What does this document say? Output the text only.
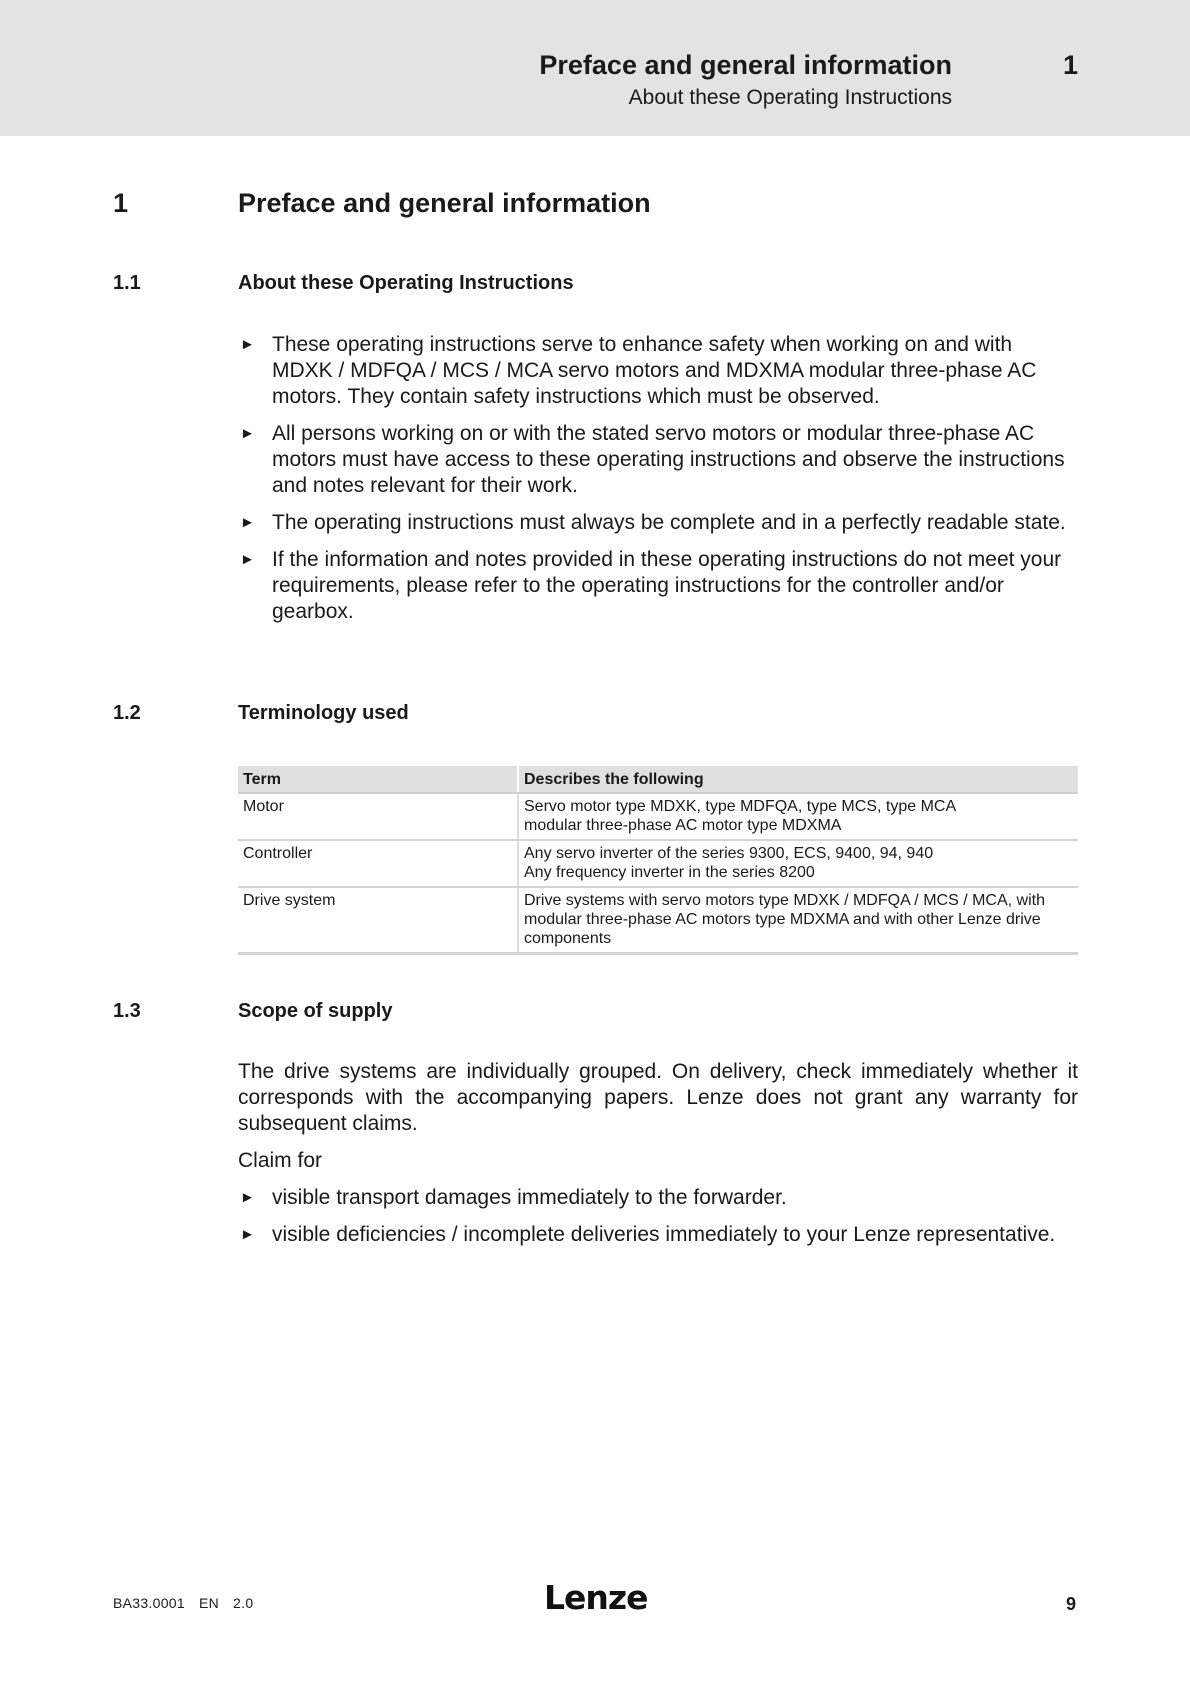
Preface and general information
About these Operating Instructions
1
1	Preface and general information
1.1	About these Operating Instructions
► These operating instructions serve to enhance safety when working on and with MDXK / MDFQA / MCS / MCA servo motors and MDXMA modular three-phase AC motors. They contain safety instructions which must be observed.
► All persons working on or with the stated servo motors or modular three-phase AC motors must have access to these operating instructions and observe the instructions and notes relevant for their work.
► The operating instructions must always be complete and in a perfectly readable state.
► If the information and notes provided in these operating instructions do not meet your requirements, please refer to the operating instructions for the controller and/or gearbox.
1.2	Terminology used
Term	Describes the following
Motor	Servo motor type MDXK, type MDFQA, type MCS, type MCA
modular three-phase AC motor type MDXMA

Controller	Any servo inverter of the series 9300, ECS, 9400, 94, 940
Any frequency inverter in the series 8200

Drive system	Drive systems with servo motors type MDXK / MDFQA / MCS / MCA, with modular three-phase AC motors type MDXMA and with other Lenze drive components
1.3	Scope of supply

The drive systems are individually grouped. On delivery, check immediately whether it corresponds with the accompanying papers. Lenze does not grant any warranty for subsequent claims.

Claim for

► visible transport damages immediately to the forwarder.
► visible deficiencies / incomplete deliveries immediately to your Lenze representative.
BA33.0001 EN 2.0	Lenze	9
